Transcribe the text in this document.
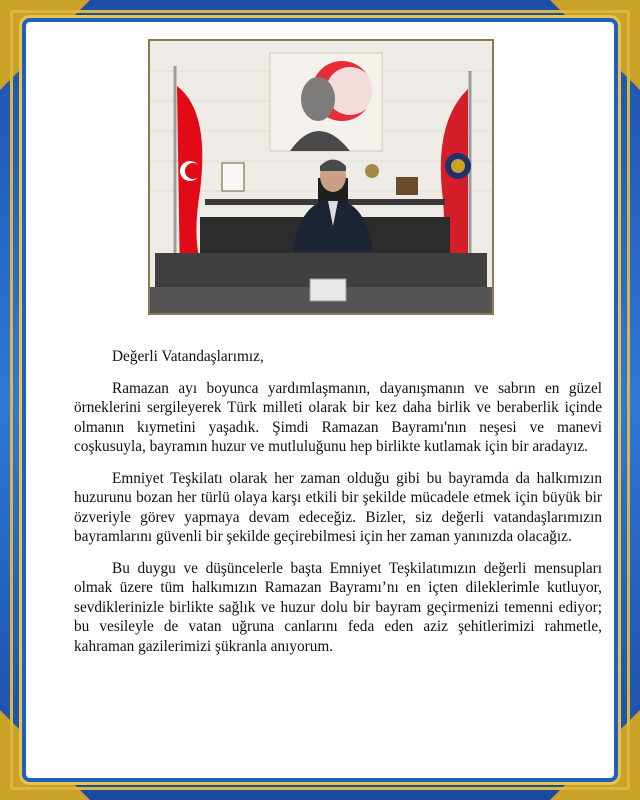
Değerli Vatandaşlarımız,

Ramazan ayı boyunca yardımlaşmanın, dayanışmanın ve sabrın en güzel örneklerini sergileyerek Türk milleti olarak bir kez daha birlik ve beraberlik içinde olmanın kıymetini yaşadık. Şimdi Ramazan Bayramı'nın neşesi ve manevi coşkusuyla, bayramın huzur ve mutluluğunu hep birlikte kutlamak için bir aradayız.

Emniyet Teşkilatı olarak her zaman olduğu gibi bu bayramda da halkımızın huzurunu bozan her türlü olaya karşı etkili bir şekilde mücadele etmek için büyük bir özveriyle görev yapmaya devam edeceğiz. Bizler, siz değerli vatandaşlarımızın bayramlarını güvenli bir şekilde geçirebilmesi için her zaman yanınızda olacağız.

Bu duygu ve düşüncelerle başta Emniyet Teşkilatımızın değerli mensupları olmak üzere tüm halkımızın Ramazan Bayramı’nı en içten dileklerimle kutluyor, sevdiklerinizle birlikte sağlık ve huzur dolu bir bayram geçirmenizi temenni ediyor; bu vesileyle de vatan uğruna canlarını feda eden aziz şehitlerimizi rahmetle, kahraman gazilerimizi şükranla anıyorum.
